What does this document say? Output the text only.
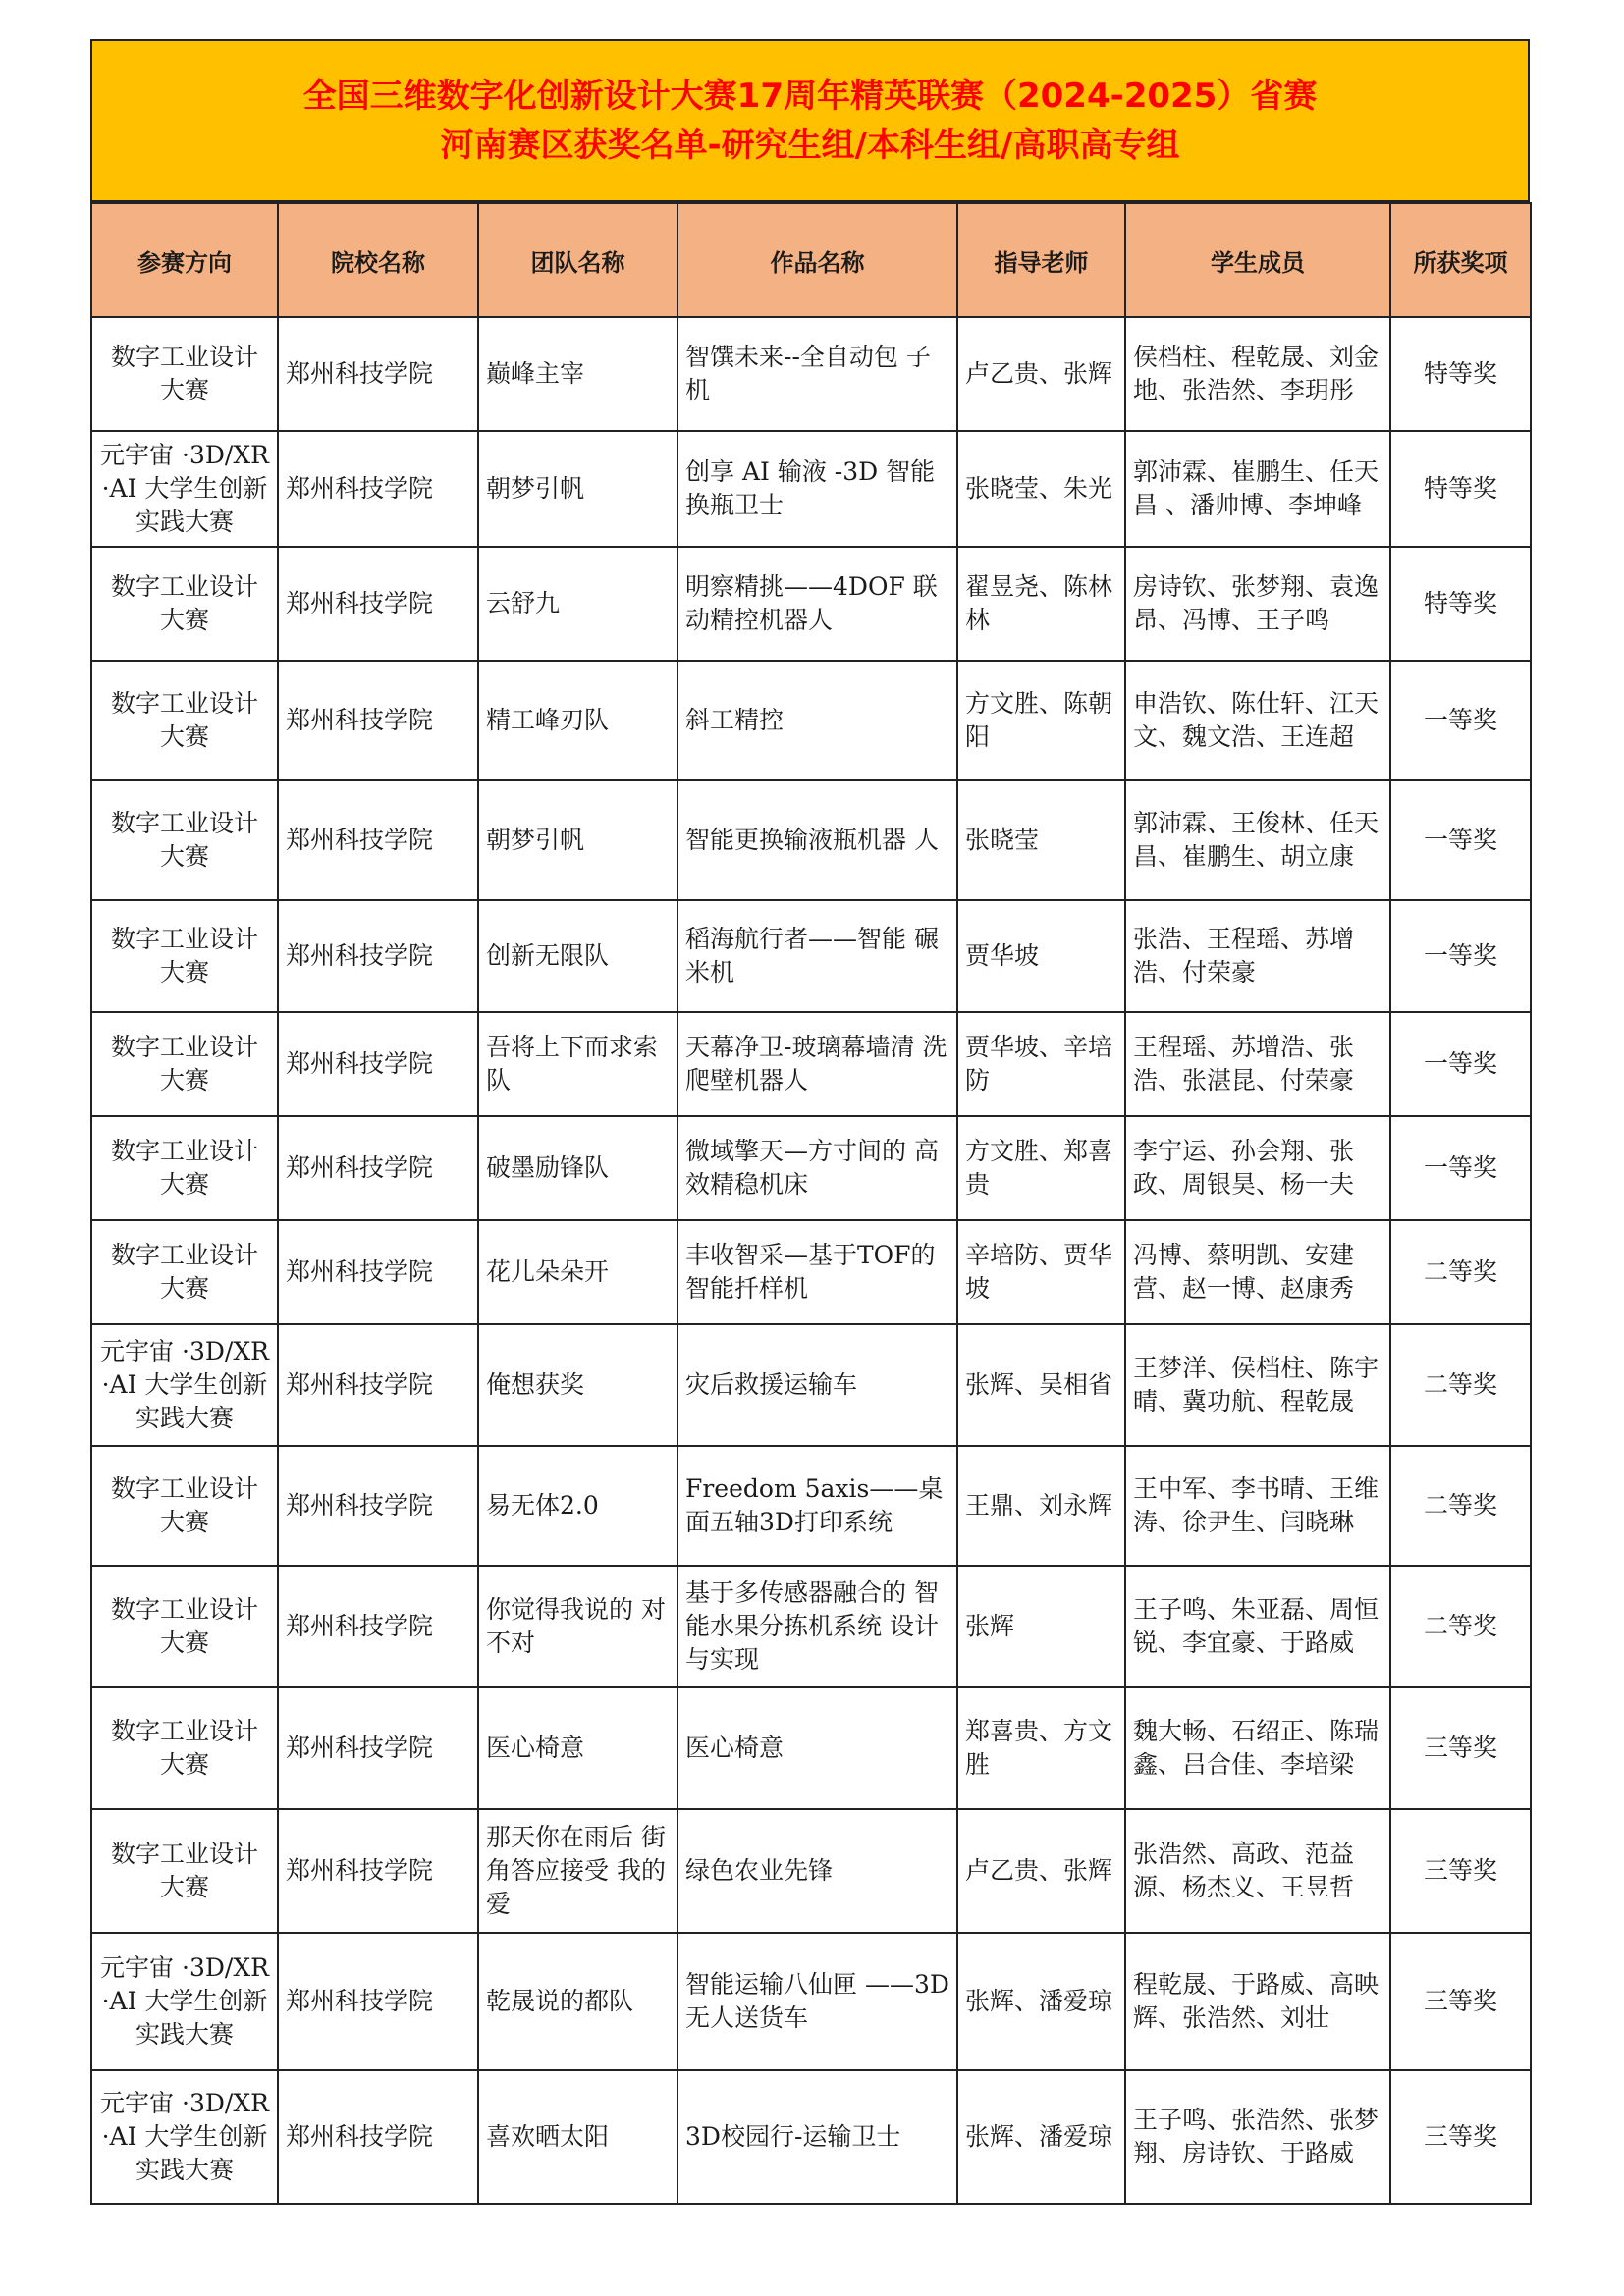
全国三维数字化创新设计大赛17周年精英联赛（2024-2025）省赛
河南赛区获奖名单-研究生组/本科生组/高职高专组
参赛方向	院校名称	团队名称	作品名称	指导老师	学生成员	所获奖项
数字工业设计大赛	郑州科技学院	巅峰主宰	智馔未来--全自动包 子机	卢乙贵、张辉	侯档柱、程乾晟、刘金地、张浩然、李玥彤	特等奖
元宇宙 ·3D/XR ·AI 大学生创新实践大赛	郑州科技学院	朝梦引帆	创享 AI 输液 -3D 智能换瓶卫士	张晓莹、朱光	郭沛霖、崔鹏生、任天昌 、潘帅博、李坤峰	特等奖
数字工业设计大赛	郑州科技学院	云舒九	明察精挑——4DOF 联 动精控机器人	翟昱尧、陈林林	房诗钦、张梦翔、袁逸昂、冯博、王子鸣	特等奖
数字工业设计大赛	郑州科技学院	精工峰刃队	斜工精控	方文胜、陈朝阳	申浩钦、陈仕轩、江天文、魏文浩、王连超	一等奖
数字工业设计大赛	郑州科技学院	朝梦引帆	智能更换输液瓶机器 人	张晓莹	郭沛霖、王俊林、任天昌、崔鹏生、胡立康	一等奖
数字工业设计大赛	郑州科技学院	创新无限队	稻海航行者——智能 碾米机	贾华坡	张浩、王程瑶、苏增浩、付荣豪	一等奖
数字工业设计大赛	郑州科技学院	吾将上下而求索队	天幕净卫-玻璃幕墙清 洗爬壁机器人	贾华坡、辛培防	王程瑶、苏增浩、张浩、张湛昆、付荣豪	一等奖
数字工业设计大赛	郑州科技学院	破墨励锋队	微域擎天—方寸间的 高效精稳机床	方文胜、郑喜贵	李宁运、孙会翔、张政、周银昊、杨一夫	一等奖
数字工业设计大赛	郑州科技学院	花儿朵朵开	丰收智采—基于TOF的 智能扦样机	辛培防、贾华坡	冯博、蔡明凯、安建营、赵一博、赵康秀	二等奖
元宇宙 ·3D/XR ·AI 大学生创新实践大赛	郑州科技学院	俺想获奖	灾后救援运输车	张辉、吴相省	王梦洋、侯档柱、陈宇晴、冀功航、程乾晟	二等奖
数字工业设计大赛	郑州科技学院	易无体2.0	Freedom 5axis——桌面五轴3D打印系统	王鼎、刘永辉	王中军、李书晴、王维涛、徐尹生、闫晓琳	二等奖
数字工业设计大赛	郑州科技学院	你觉得我说的 对不对	基于多传感器融合的 智能水果分拣机系统 设计与实现	张辉	王子鸣、朱亚磊、周恒锐、李宜豪、于路威	二等奖
数字工业设计大赛	郑州科技学院	医心椅意	医心椅意	郑喜贵、方文胜	魏大畅、石绍正、陈瑞鑫、吕合佳、李培梁	三等奖
数字工业设计大赛	郑州科技学院	那天你在雨后 街角答应接受 我的爱	绿色农业先锋	卢乙贵、张辉	张浩然、高政、范益源、杨杰义、王昱哲	三等奖
元宇宙 ·3D/XR ·AI 大学生创新实践大赛	郑州科技学院	乾晟说的都队	智能运输八仙匣 ——3D无人送货车	张辉、潘爱琼	程乾晟、于路威、高映辉、张浩然、刘壮	三等奖
元宇宙 ·3D/XR ·AI 大学生创新实践大赛	郑州科技学院	喜欢晒太阳	3D校园行-运输卫士	张辉、潘爱琼	王子鸣、张浩然、张梦翔、房诗钦、于路威	三等奖
